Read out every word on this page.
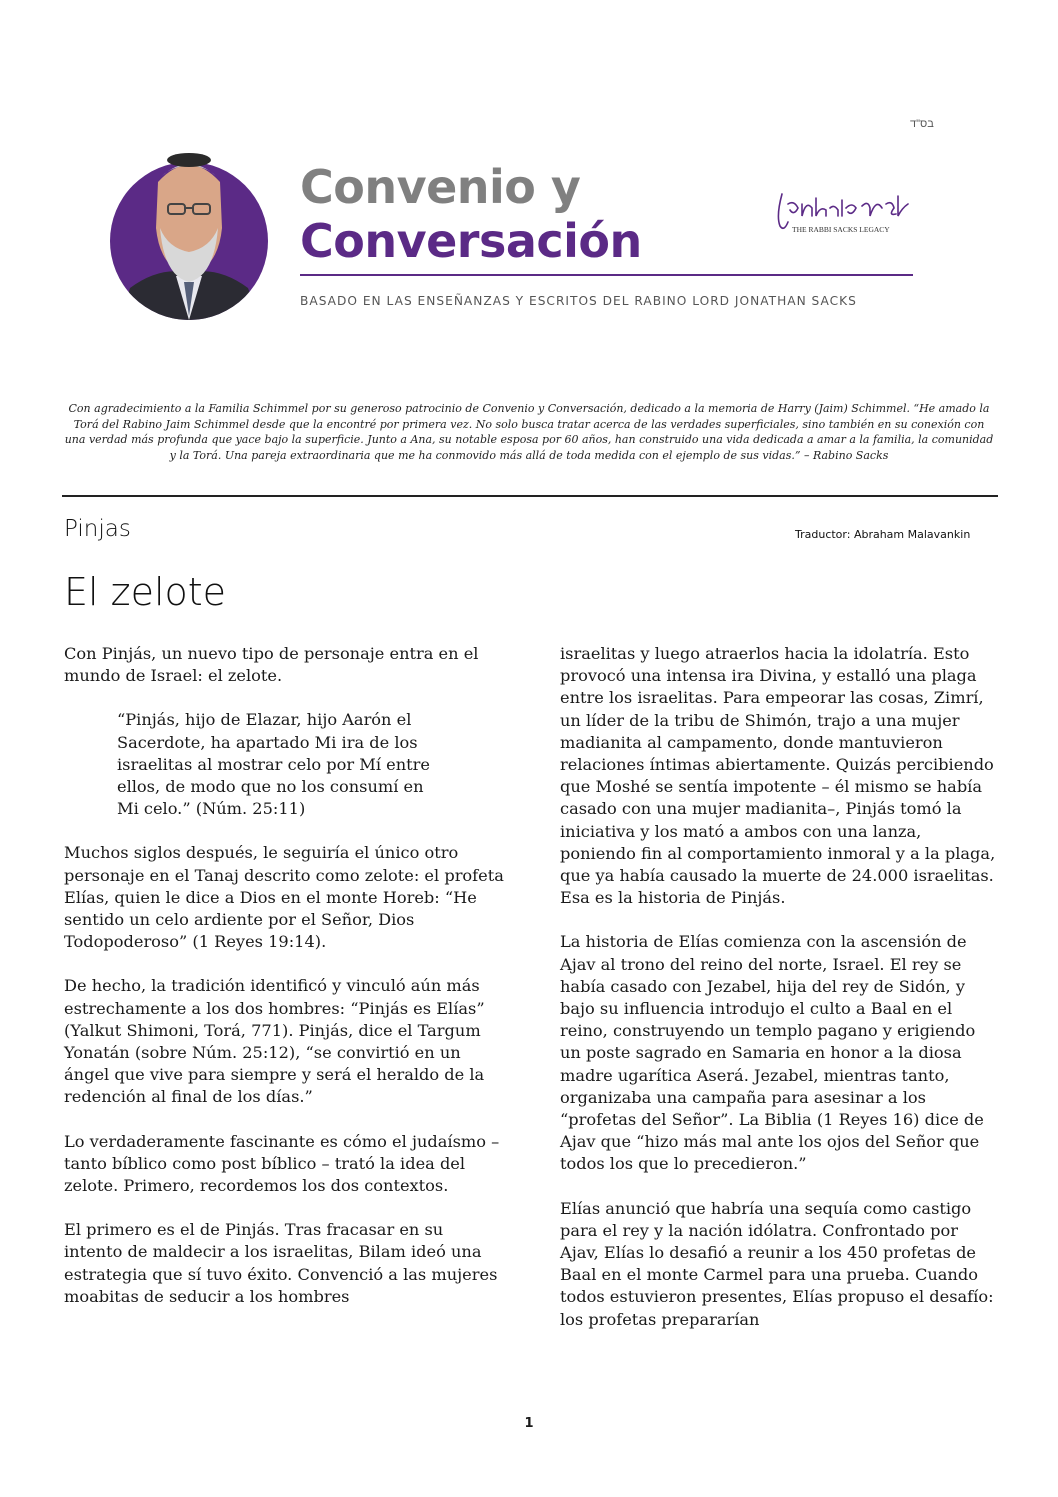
בס"ד
Convenio y
Conversación	THE RABBI SACKS LEGACY
BASADO EN LAS ENSEÑANZAS Y ESCRITOS DEL RABINO LORD JONATHAN SACKS
Con agradecimiento a la Familia Schimmel por su generoso patrocinio de Convenio y Conversación, dedicado a la memoria de Harry (Jaim) Schimmel. “He amado la Torá del Rabino Jaim Schimmel desde que la encontré por primera vez. No solo busca tratar acerca de las verdades superficiales, sino también en su conexión con una verdad más profunda que yace bajo la superficie. Junto a Ana, su notable esposa por 60 años, han construido una vida dedicada a amar a la familia, la comunidad y la Torá. Una pareja extraordinaria que me ha conmovido más allá de toda medida con el ejemplo de sus vidas.” – Rabino Sacks
Pinjas	Traductor: Abraham Malavankin
El zelote

Con Pinjás, un nuevo tipo de personaje entra en el mundo de Israel: el zelote.

“Pinjás, hijo de Elazar, hijo Aarón el Sacerdote, ha apartado Mi ira de los israelitas al mostrar celo por Mí entre ellos, de modo que no los consumí en Mi celo.” (Núm. 25:11)

Muchos siglos después, le seguiría el único otro personaje en el Tanaj descrito como zelote: el profeta Elías, quien le dice a Dios en el monte Horeb: “He sentido un celo ardiente por el Señor, Dios Todopoderoso” (1 Reyes 19:14).

De hecho, la tradición identificó y vinculó aún más estrechamente a los dos hombres: “Pinjás es Elías” (Yalkut Shimoni, Torá, 771). Pinjás, dice el Targum Yonatán (sobre Núm. 25:12), “se convirtió en un ángel que vive para siempre y será el heraldo de la redención al final de los días.”

Lo verdaderamente fascinante es cómo el judaísmo – tanto bíblico como post bíblico – trató la idea del zelote. Primero, recordemos los dos contextos.

El primero es el de Pinjás. Tras fracasar en su intento de maldecir a los israelitas, Bilam ideó una estrategia que sí tuvo éxito. Convenció a las mujeres moabitas de seducir a los hombres

israelitas y luego atraerlos hacia la idolatría. Esto provocó una intensa ira Divina, y estalló una plaga entre los israelitas. Para empeorar las cosas, Zimrí, un líder de la tribu de Shimón, trajo a una mujer madianita al campamento, donde mantuvieron relaciones íntimas abiertamente. Quizás percibiendo que Moshé se sentía impotente – él mismo se había casado con una mujer madianita–, Pinjás tomó la iniciativa y los mató a ambos con una lanza, poniendo fin al comportamiento inmoral y a la plaga, que ya había causado la muerte de 24.000 israelitas. Esa es la historia de Pinjás.

La historia de Elías comienza con la ascensión de Ajav al trono del reino del norte, Israel. El rey se había casado con Jezabel, hija del rey de Sidón, y bajo su influencia introdujo el culto a Baal en el reino, construyendo un templo pagano y erigiendo un poste sagrado en Samaria en honor a la diosa madre ugarítica Aserá. Jezabel, mientras tanto, organizaba una campaña para asesinar a los “profetas del Señor”. La Biblia (1 Reyes 16) dice de Ajav que “hizo más mal ante los ojos del Señor que todos los que lo precedieron.”

Elías anunció que habría una sequía como castigo para el rey y la nación idólatra. Confrontado por Ajav, Elías lo desafió a reunir a los 450 profetas de Baal en el monte Carmel para una prueba. Cuando todos estuvieron presentes, Elías propuso el desafío: los profetas prepararían

1
